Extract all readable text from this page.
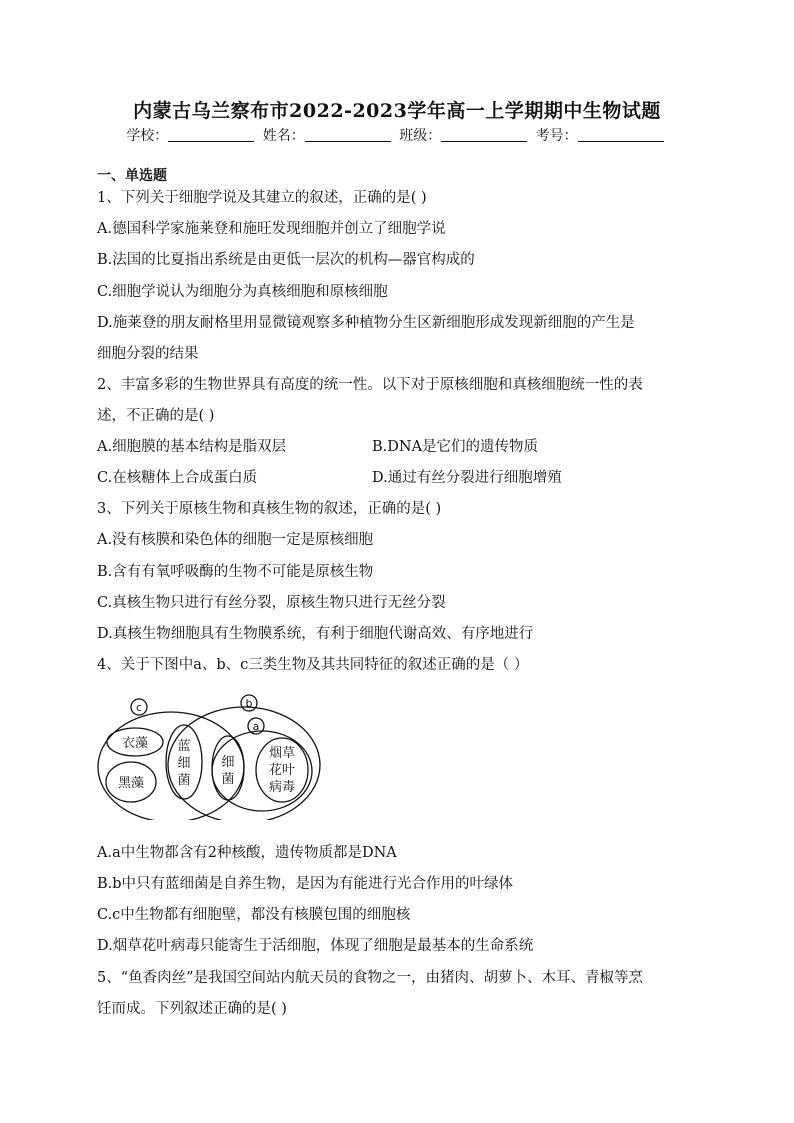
内蒙古乌兰察布市2022-2023学年高一上学期期中生物试题
学校：	姓名：	班级：	考号：
一、单选题
1、下列关于细胞学说及其建立的叙述，正确的是( )
A.德国科学家施莱登和施旺发现细胞并创立了细胞学说
B.法国的比夏指出系统是由更低一层次的机构—器官构成的
C.细胞学说认为细胞分为真核细胞和原核细胞
D.施莱登的朋友耐格里用显微镜观察多种植物分生区新细胞形成发现新细胞的产生是
细胞分裂的结果
2、丰富多彩的生物世界具有高度的统一性。以下对于原核细胞和真核细胞统一性的表
述，不正确的是( )
A.细胞膜的基本结构是脂双层	B.DNA是它们的遗传物质
C.在核糖体上合成蛋白质	D.通过有丝分裂进行细胞增殖
3、下列关于原核生物和真核生物的叙述，正确的是( )
A.没有核膜和染色体的细胞一定是原核细胞
B.含有有氧呼吸酶的生物不可能是原核生物
C.真核生物只进行有丝分裂，原核生物只进行无丝分裂
D.真核生物细胞具有生物膜系统，有利于细胞代谢高效、有序地进行
4、关于下图中a、b、c三类生物及其共同特征的叙述正确的是（ ）
c	b
a
衣藻
黑藻
蓝
细
菌
细
菌
烟草
花叶
病毒
A.a中生物都含有2种核酸，遗传物质都是DNA
B.b中只有蓝细菌是自养生物，是因为有能进行光合作用的叶绿体
C.c中生物都有细胞壁，都没有核膜包围的细胞核
D.烟草花叶病毒只能寄生于活细胞，体现了细胞是最基本的生命系统
5、“鱼香肉丝”是我国空间站内航天员的食物之一，由猪肉、胡萝卜、木耳、青椒等烹
饪而成。下列叙述正确的是( )
